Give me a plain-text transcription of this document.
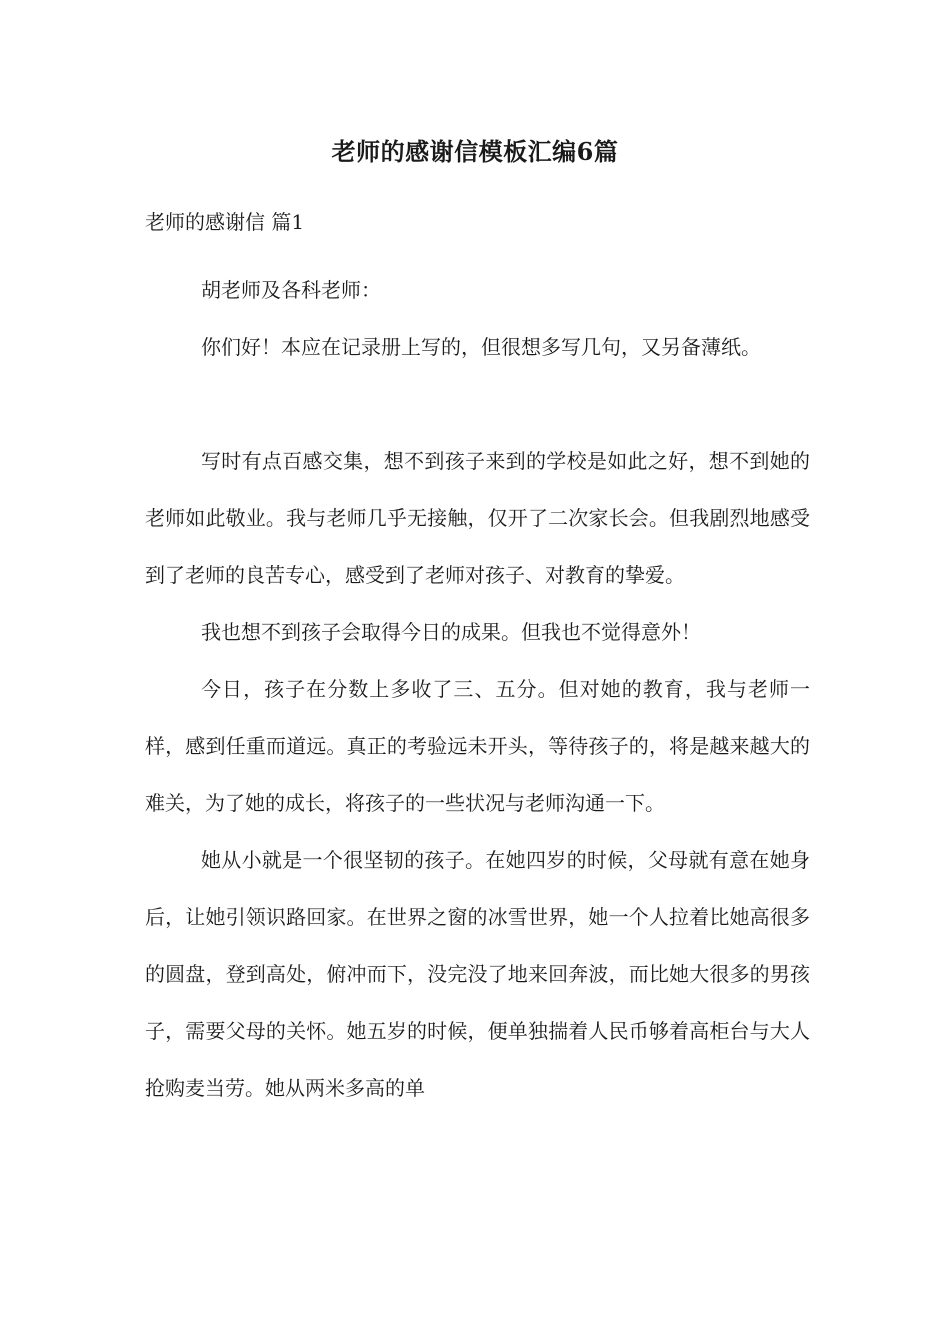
老师的感谢信模板汇编6篇
老师的感谢信 篇1

胡老师及各科老师：

你们好！本应在记录册上写的，但很想多写几句，又另备薄纸。

写时有点百感交集，想不到孩子来到的学校是如此之好，想不到她的老师如此敬业。我与老师几乎无接触，仅开了二次家长会。但我剧烈地感受到了老师的良苦专心，感受到了老师对孩子、对教育的挚爱。

我也想不到孩子会取得今日的成果。但我也不觉得意外！

今日，孩子在分数上多收了三、五分。但对她的教育，我与老师一样，感到任重而道远。真正的考验远未开头，等待孩子的，将是越来越大的难关，为了她的成长，将孩子的一些状况与老师沟通一下。

她从小就是一个很坚韧的孩子。在她四岁的时候，父母就有意在她身后，让她引领识路回家。在世界之窗的冰雪世界，她一个人拉着比她高很多的圆盘，登到高处，俯冲而下，没完没了地来回奔波，而比她大很多的男孩子，需要父母的关怀。她五岁的时候，便单独揣着人民币够着高柜台与大人抢购麦当劳。她从两米多高的单
